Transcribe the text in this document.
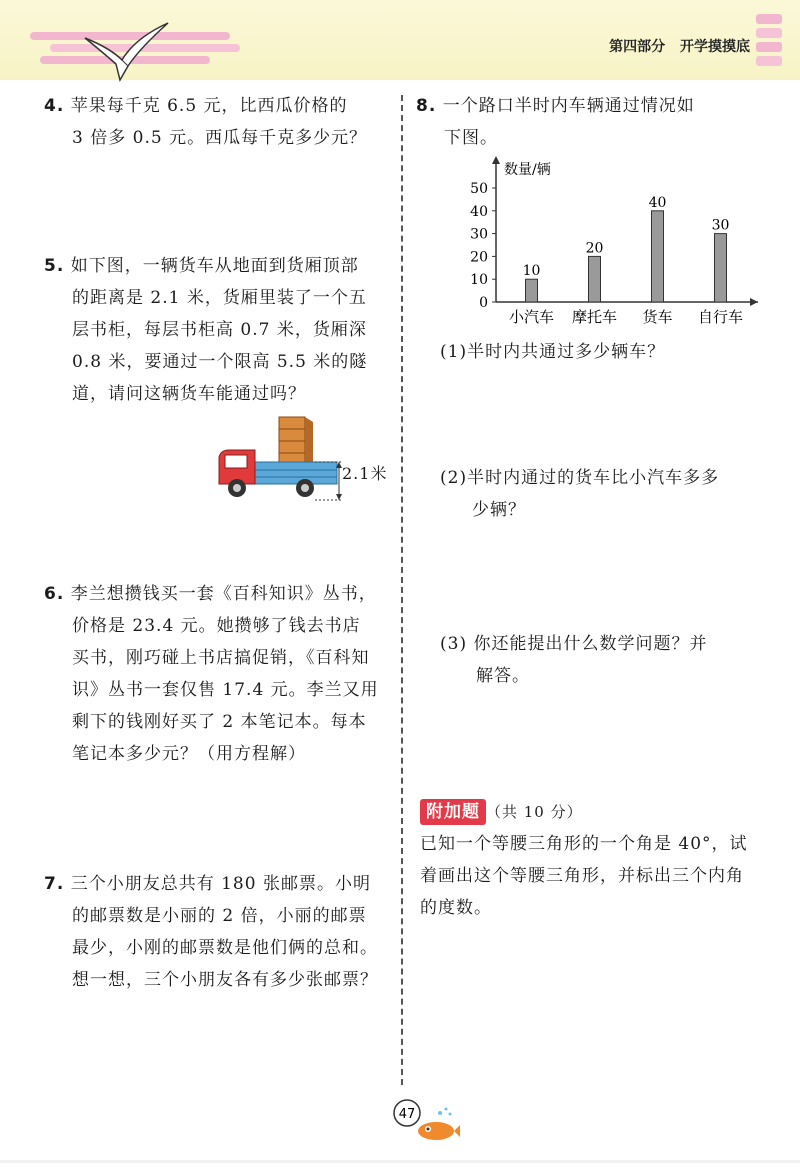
第四部分 开学摸摸底
4. 苹果每千克 6.5 元，比西瓜价格的
3 倍多 0.5 元。西瓜每千克多少元？
5. 如下图，一辆货车从地面到货厢顶部
的距离是 2.1 米，货厢里装了一个五
层书柜，每层书柜高 0.7 米，货厢深
0.8 米，要通过一个限高 5.5 米的隧
道，请问这辆货车能通过吗？
2.1米
6. 李兰想攒钱买一套《百科知识》丛书，
价格是 23.4 元。她攒够了钱去书店
买书，刚巧碰上书店搞促销，《百科知
识》丛书一套仅售 17.4 元。李兰又用
剩下的钱刚好买了 2 本笔记本。每本
笔记本多少元？（用方程解）
7. 三个小朋友总共有 180 张邮票。小明
的邮票数是小丽的 2 倍，小丽的邮票
最少，小刚的邮票数是他们俩的总和。
想一想，三个小朋友各有多少张邮票？
8. 一个路口半时内车辆通过情况如
下图。
数量/辆
0
10
20
30
40
50
10
小汽车
20
摩托车
40
货车
30
自行车
(1)半时内共通过多少辆车？
(2)半时内通过的货车比小汽车多多
少辆？
(3) 你还能提出什么数学问题？并
解答。
附加题 （共 10 分）
已知一个等腰三角形的一个角是 40°，试
着画出这个等腰三角形，并标出三个内角
的度数。
47
